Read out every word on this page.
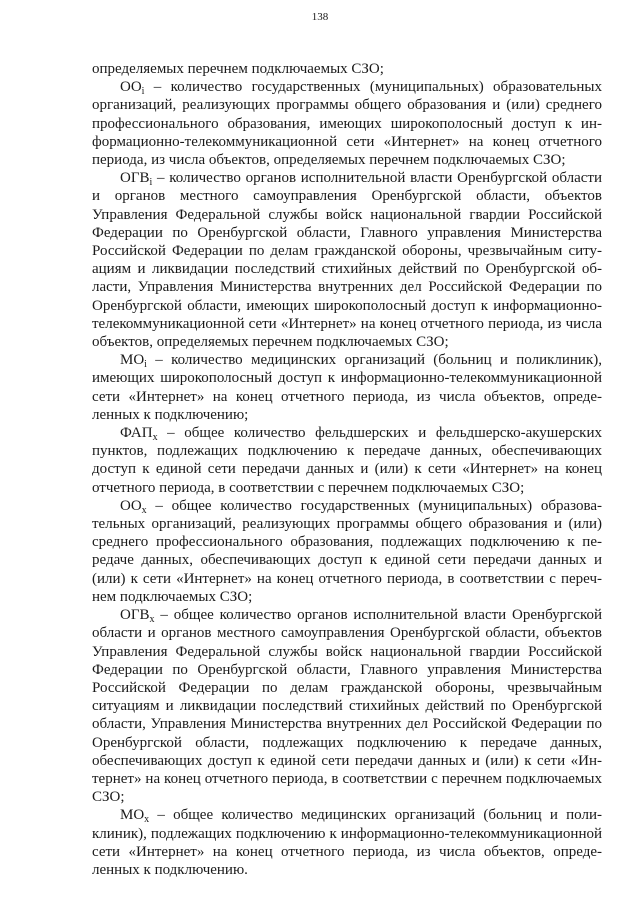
138

определяемых перечнем подключаемых СЗО;

$ОО_i$ – количество государственных (муниципальных) образовательных организаций, реализующих программы общего образования и (или) среднего профессионального образования, имеющих широкополосный доступ к информационно-телекоммуникационной сети «Интернет» на конец отчетного периода, из числа объектов, определяемых перечнем подключаемых СЗО;

$ОГВ_i$ – количество органов исполнительной власти Оренбургской области и органов местного самоуправления Оренбургской области, объектов Управления Федеральной службы войск национальной гвардии Российской Федерации по Оренбургской области, Главного управления Министерства Российской Федерации по делам гражданской обороны, чрезвычайным ситуациям и ликвидации последствий стихийных действий по Оренбургской области, Управления Министерства внутренних дел Российской Федерации по Оренбургской области, имеющих широкополосный доступ к информационно-телекоммуникационной сети «Интернет» на конец отчетного периода, из числа объектов, определяемых перечнем подключаемых СЗО;

$МО_i$ – количество медицинских организаций (больниц и поликлиник), имеющих широкополосный доступ к информационно-телекоммуникационной сети «Интернет» на конец отчетного периода, из числа объектов, определенных к подключению;

$ФАП_x$ – общее количество фельдшерских и фельдшерско-акушерских пунктов, подлежащих подключению к передаче данных, обеспечивающих доступ к единой сети передачи данных и (или) к сети «Интернет» на конец отчетного периода, в соответствии с перечнем подключаемых СЗО;

$ОО_x$ – общее количество государственных (муниципальных) образовательных организаций, реализующих программы общего образования и (или) среднего профессионального образования, подлежащих подключению к передаче данных, обеспечивающих доступ к единой сети передачи данных и (или) к сети «Интернет» на конец отчетного периода, в соответствии с перечнем подключаемых СЗО;

$ОГВ_x$ – общее количество органов исполнительной власти Оренбургской области и органов местного самоуправления Оренбургской области, объектов Управления Федеральной службы войск национальной гвардии Российской Федерации по Оренбургской области, Главного управления Министерства Российской Федерации по делам гражданской обороны, чрезвычайным ситуациям и ликвидации последствий стихийных действий по Оренбургской области, Управления Министерства внутренних дел Российской Федерации по Оренбургской области, подлежащих подключению к передаче данных, обеспечивающих доступ к единой сети передачи данных и (или) к сети «Интернет» на конец отчетного периода, в соответствии с перечнем подключаемых СЗО;

$МО_x$ – общее количество медицинских организаций (больниц и поликлиник), подлежащих подключению к информационно-телекоммуникационной сети «Интернет» на конец отчетного периода, из числа объектов, определенных к подключению.
